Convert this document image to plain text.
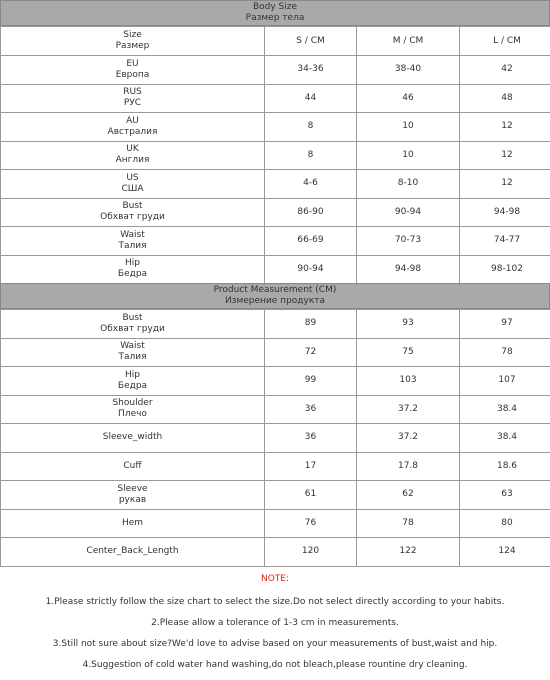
Body Size
Размер тела
Size
Размер	S / CM	M / CM	L / CM

EU
Европа	34-36	38-40	42

RUS
РУС	44	46	48

AU
Австралия	8	10	12

UK
Англия	8	10	12

US
США	4-6	8-10	12

Bust
Обхват груди	86-90	90-94	94-98

Waist
Талия	66-69	70-73	74-77

Hip
Бедра	90-94	94-98	98-102
Product Measurement (CM)
Измерение продукта
Bust
Обхват груди	89	93	97

Waist
Талия	72	75	78

Hip
Бедра	99	103	107

Shoulder
Плечо	36	37.2	38.4

Sleeve_width	36	37.2	38.4

Cuff	17	17.8	18.6

Sleeve
рукав	61	62	63

Hem	76	78	80

Center_Back_Length	120	122	124
NOTE:
1.Please strictly follow the size chart to select the size.Do not select directly according to your habits.
2.Please allow a tolerance of 1-3 cm in measurements.
3.Still not sure about size?We'd love to advise based on your measurements of bust,waist and hip.
4.Suggestion of cold water hand washing,do not bleach,please rountine dry cleaning.
